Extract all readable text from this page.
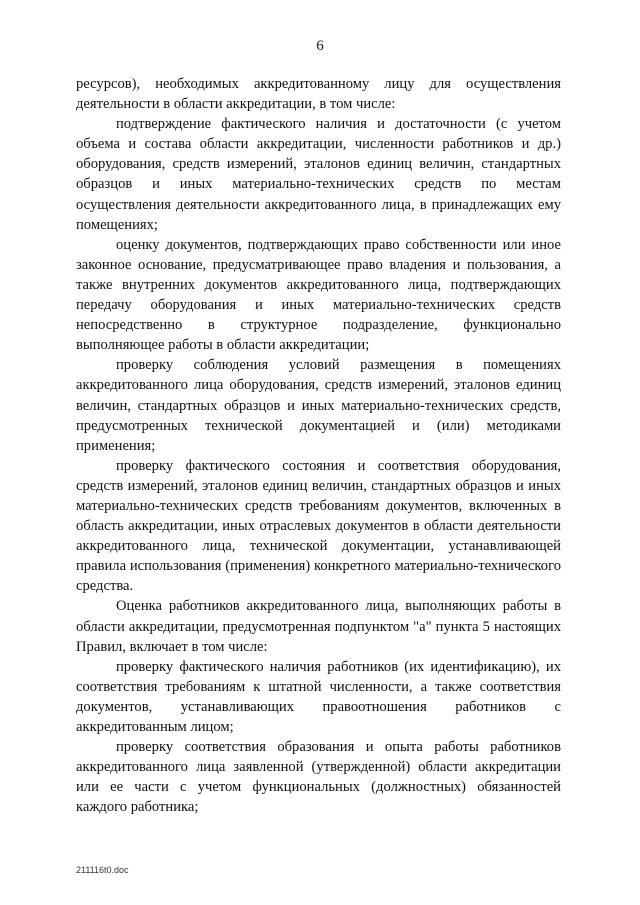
6

ресурсов), необходимых аккредитованному лицу для осуществления деятельности в области аккредитации, в том числе:

подтверждение фактического наличия и достаточности (с учетом объема и состава области аккредитации, численности работников и др.) оборудования, средств измерений, эталонов единиц величин, стандартных образцов и иных материально-технических средств по местам осуществления деятельности аккредитованного лица, в принадлежащих ему помещениях;

оценку документов, подтверждающих право собственности или иное законное основание, предусматривающее право владения и пользования, а также внутренних документов аккредитованного лица, подтверждающих передачу оборудования и иных материально-технических средств непосредственно в структурное подразделение, функционально выполняющее работы в области аккредитации;

проверку соблюдения условий размещения в помещениях аккредитованного лица оборудования, средств измерений, эталонов единиц величин, стандартных образцов и иных материально-технических средств, предусмотренных технической документацией и (или) методиками применения;

проверку фактического состояния и соответствия оборудования, средств измерений, эталонов единиц величин, стандартных образцов и иных материально-технических средств требованиям документов, включенных в область аккредитации, иных отраслевых документов в области деятельности аккредитованного лица, технической документации, устанавливающей правила использования (применения) конкретного материально-технического средства.

Оценка работников аккредитованного лица, выполняющих работы в области аккредитации, предусмотренная подпунктом "а" пункта 5 настоящих Правил, включает в том числе:

проверку фактического наличия работников (их идентификацию), их соответствия требованиям к штатной численности, а также соответствия документов, устанавливающих правоотношения работников с аккредитованным лицом;

проверку соответствия образования и опыта работы работников аккредитованного лица заявленной (утвержденной) области аккредитации или ее части с учетом функциональных (должностных) обязанностей каждого работника;

211116t0.doc
